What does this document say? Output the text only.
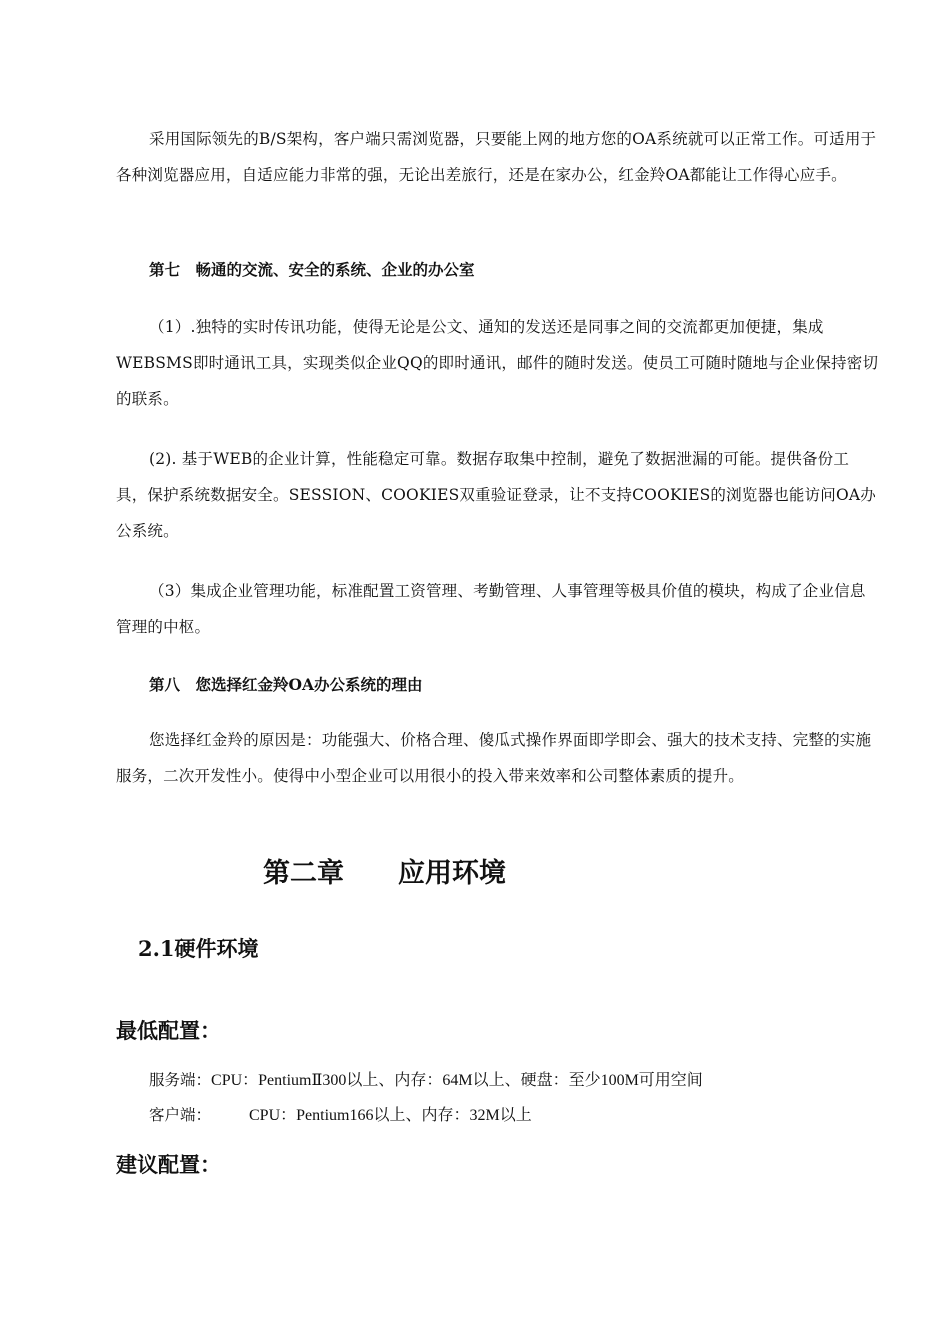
采用国际领先的B/S架构，客户端只需浏览器，只要能上网的地方您的OA系统就可以正常工作。可适用于各种浏览器应用，自适应能力非常的强，无论出差旅行，还是在家办公，红金羚OA都能让工作得心应手。

第七　畅通的交流、安全的系统、企业的办公室

（1）.独特的实时传讯功能，使得无论是公文、通知的发送还是同事之间的交流都更加便捷，集成WEBSMS即时通讯工具，实现类似企业QQ的即时通讯，邮件的随时发送。使员工可随时随地与企业保持密切的联系。

(2). 基于WEB的企业计算，性能稳定可靠。数据存取集中控制，避免了数据泄漏的可能。提供备份工具，保护系统数据安全。SESSION、COOKIES双重验证登录，让不支持COOKIES的浏览器也能访问OA办公系统。

（3）集成企业管理功能，标准配置工资管理、考勤管理、人事管理等极具价值的模块，构成了企业信息管理的中枢。

第八　您选择红金羚OA办公系统的理由

您选择红金羚的原因是：功能强大、价格合理、傻瓜式操作界面即学即会、强大的技术支持、完整的实施服务，二次开发性小。使得中小型企业可以用很小的投入带来效率和公司整体素质的提升。

第二章　　应用环境
2.1硬件环境
最低配置：
服务端：CPU：PentiumⅡ300以上、内存：64M以上、硬盘：至少100M可用空间
客户端： CPU：Pentium166以上、内存：32M以上
建议配置：
